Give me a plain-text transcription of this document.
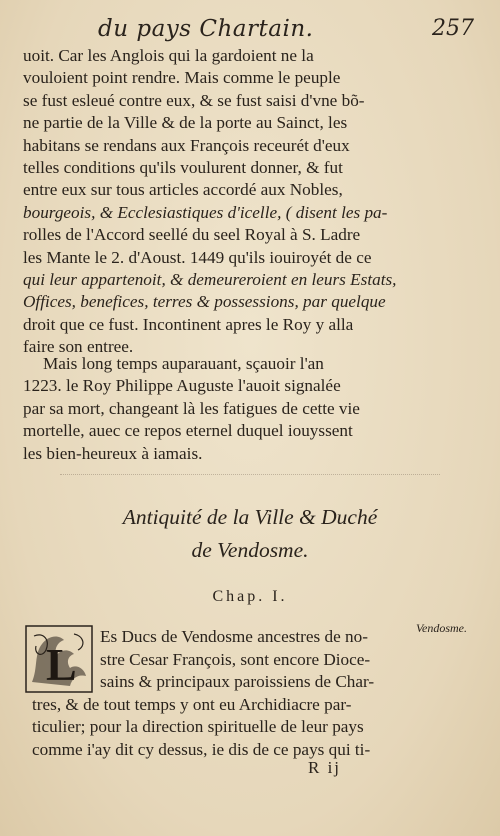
du pays Chartain.	257
uoit. Car les Anglois qui la gardoient ne la
vouloient point rendre. Mais comme le peuple
se fust esleué contre eux, & se fust saisi d'vne bõ-
ne partie de la Ville & de la porte au Sainct, les
habitans se rendans aux François receurét d'eux
telles conditions qu'ils voulurent donner, & fut
entre eux sur tous articles accordé aux Nobles,
bourgeois, & Ecclesiastiques d'icelle, ( disent les pa-
rolles de l'Accord seellé du seel Royal à S. Ladre
les Mante le 2. d'Aoust. 1449 qu'ils iouiroyét de ce
qui leur appartenoit, & demeureroient en leurs Estats,
Offices, benefices, terres & possessions, par quelque
droit que ce fust. Incontinent apres le Roy y alla
faire son entree.
Mais long temps auparauant, sçauoir l'an
1223. le Roy Philippe Auguste l'auoit signalée
par sa mort, changeant là les fatigues de cette vie
mortelle, auec ce repos eternel duquel iouyssent
les bien-heureux à iamais.
Antiquité de la Ville & Duché
de Vendosme.
Chap. I.
L
Vendosme.
Es Ducs de Vendosme ancestres de no-
stre Cesar François, sont encore Dioce-
sains & principaux paroissiens de Char-
tres, & de tout temps y ont eu Archidiacre par-
ticulier; pour la direction spirituelle de leur pays
comme i'ay dit cy dessus, ie dis de ce pays qui ti-
R ij
